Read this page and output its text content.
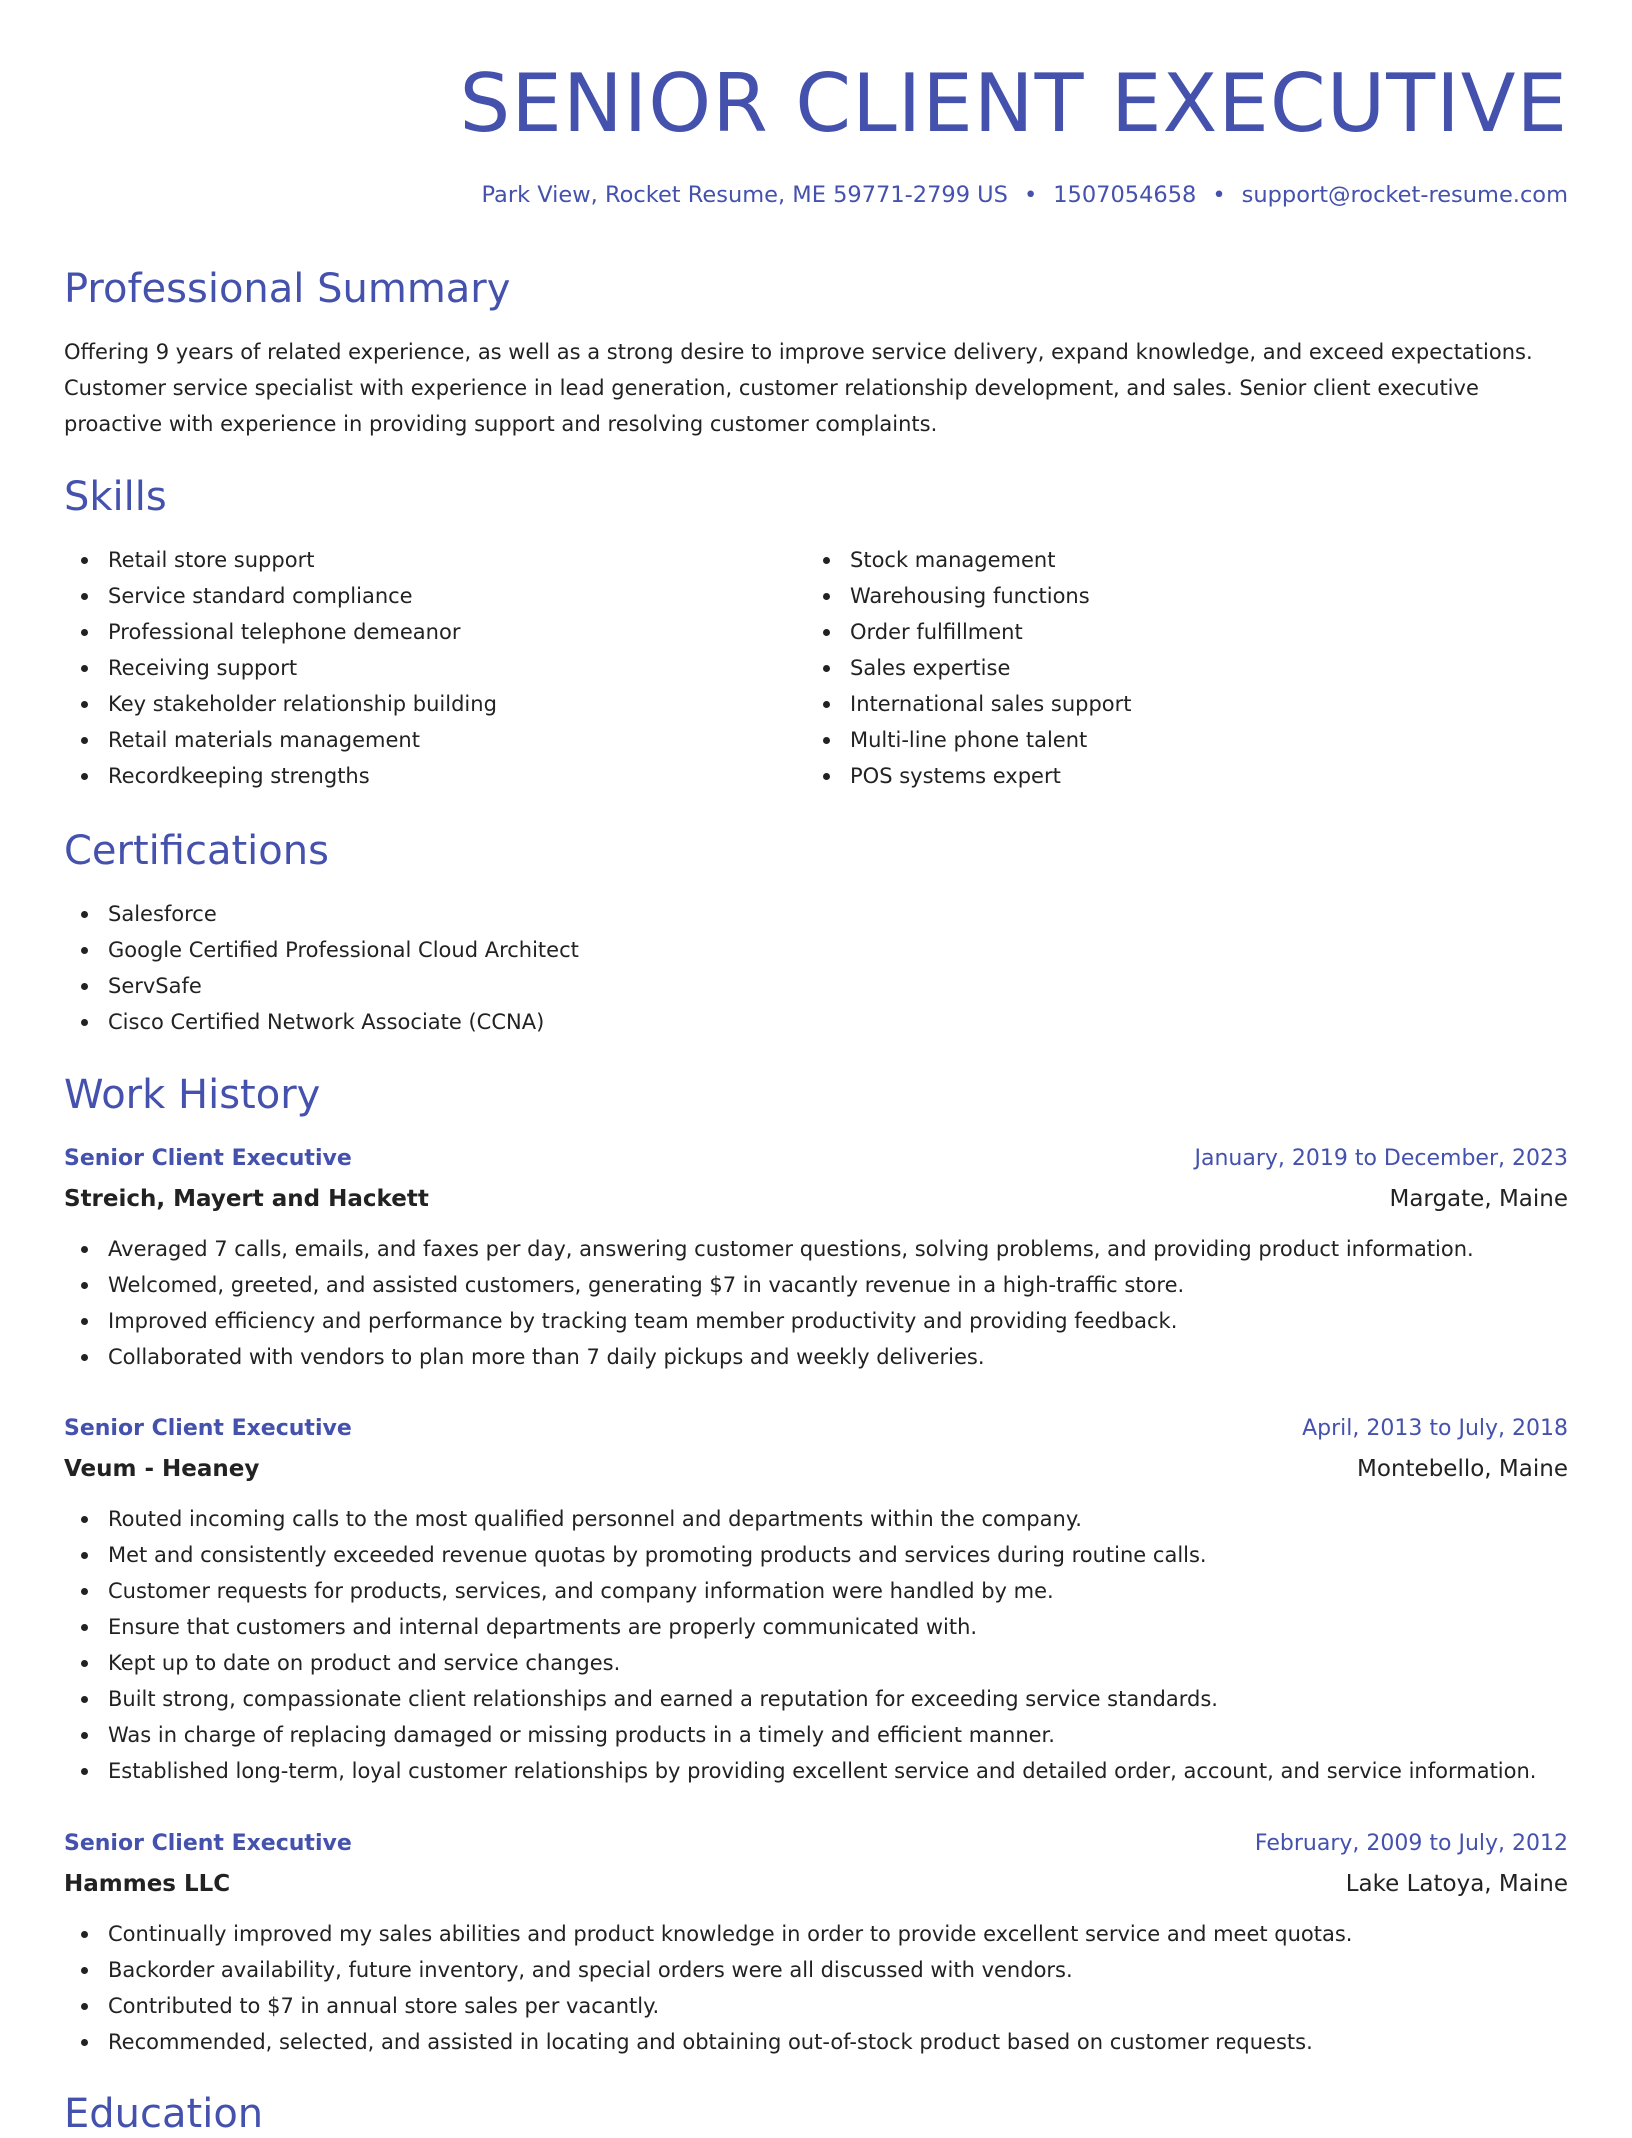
SENIOR CLIENT EXECUTIVE
Park View, Rocket Resume, ME 59771-2799 US • 1507054658 • support@rocket-resume.com
Professional Summary

Offering 9 years of related experience, as well as a strong desire to improve service delivery, expand knowledge, and exceed expectations. Customer service specialist with experience in lead generation, customer relationship development, and sales. Senior client executive proactive with experience in providing support and resolving customer complaints.

Skills
Retail store support
Service standard compliance
Professional telephone demeanor
Receiving support
Key stakeholder relationship building
Retail materials management
Recordkeeping strengths
Stock management
Warehousing functions
Order fulfillment
Sales expertise
International sales support
Multi-line phone talent
POS systems expert
Certifications
Salesforce
Google Certified Professional Cloud Architect
ServSafe
Cisco Certified Network Associate (CCNA)
Work History
Senior Client Executive	January, 2019 to December, 2023
Streich, Mayert and Hackett	Margate, Maine
Averaged 7 calls, emails, and faxes per day, answering customer questions, solving problems, and providing product information.
Welcomed, greeted, and assisted customers, generating $7 in vacantly revenue in a high-traffic store.
Improved efficiency and performance by tracking team member productivity and providing feedback.
Collaborated with vendors to plan more than 7 daily pickups and weekly deliveries.
Senior Client Executive	April, 2013 to July, 2018
Veum - Heaney	Montebello, Maine
Routed incoming calls to the most qualified personnel and departments within the company.
Met and consistently exceeded revenue quotas by promoting products and services during routine calls.
Customer requests for products, services, and company information were handled by me.
Ensure that customers and internal departments are properly communicated with.
Kept up to date on product and service changes.
Built strong, compassionate client relationships and earned a reputation for exceeding service standards.
Was in charge of replacing damaged or missing products in a timely and efficient manner.
Established long-term, loyal customer relationships by providing excellent service and detailed order, account, and service information.
Senior Client Executive	February, 2009 to July, 2012
Hammes LLC	Lake Latoya, Maine
Continually improved my sales abilities and product knowledge in order to provide excellent service and meet quotas.
Backorder availability, future inventory, and special orders were all discussed with vendors.
Contributed to $7 in annual store sales per vacantly.
Recommended, selected, and assisted in locating and obtaining out-of-stock product based on customer requests.
Education
